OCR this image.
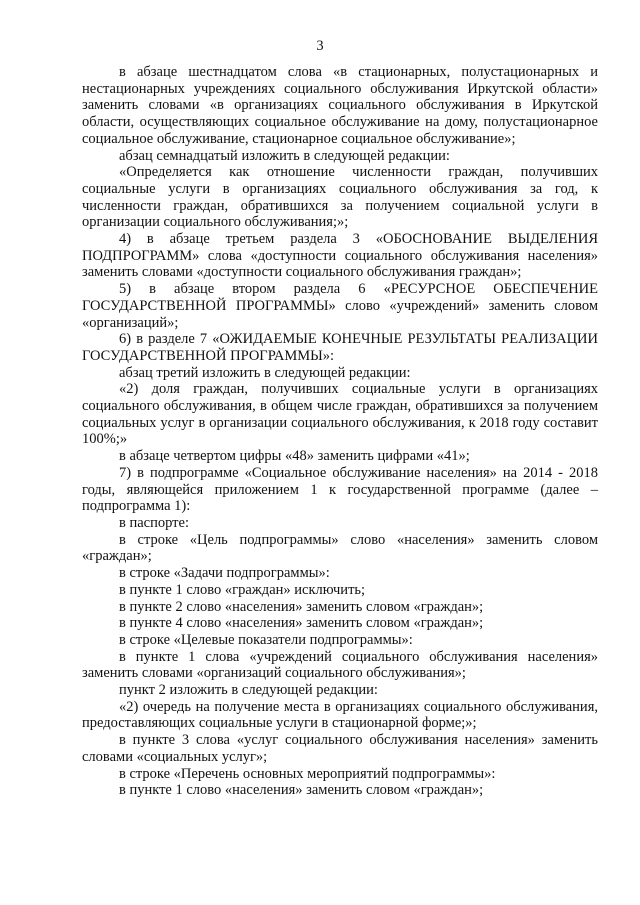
3

в абзаце шестнадцатом слова «в стационарных, полустационарных и нестационарных учреждениях социального обслуживания Иркутской области» заменить словами «в организациях социального обслуживания в Иркутской области, осуществляющих социальное обслуживание на дому, полустационарное социальное обслуживание, стационарное социальное обслуживание»;

абзац семнадцатый изложить в следующей редакции:

«Определяется как отношение численности граждан, получивших социальные услуги в организациях социального обслуживания за год, к численности граждан, обратившихся за получением социальной услуги в организации социального обслуживания;»;

4) в абзаце третьем раздела 3 «ОБОСНОВАНИЕ ВЫДЕЛЕНИЯ ПОДПРОГРАММ» слова «доступности социального обслуживания населения» заменить словами «доступности социального обслуживания граждан»;

5) в абзаце втором раздела 6 «РЕСУРСНОЕ ОБЕСПЕЧЕНИЕ ГОСУДАРСТВЕННОЙ ПРОГРАММЫ» слово «учреждений» заменить словом «организаций»;

6) в разделе 7 «ОЖИДАЕМЫЕ КОНЕЧНЫЕ РЕЗУЛЬТАТЫ РЕАЛИЗАЦИИ ГОСУДАРСТВЕННОЙ ПРОГРАММЫ»:

абзац третий изложить в следующей редакции:

«2) доля граждан, получивших социальные услуги в организациях социального обслуживания, в общем числе граждан, обратившихся за получением социальных услуг в организации социального обслуживания, к 2018 году составит 100%;»

в абзаце четвертом цифры «48» заменить цифрами «41»;

7) в подпрограмме «Социальное обслуживание населения» на 2014 - 2018 годы, являющейся приложением 1 к государственной программе (далее – подпрограмма 1):

в паспорте:

в строке «Цель подпрограммы» слово «населения» заменить словом «граждан»;

в строке «Задачи подпрограммы»:

в пункте 1 слово «граждан» исключить;

в пункте 2 слово «населения» заменить словом «граждан»;

в пункте 4 слово «населения» заменить словом «граждан»;

в строке «Целевые показатели подпрограммы»:

в пункте 1 слова «учреждений социального обслуживания населения» заменить словами «организаций социального обслуживания»;

пункт 2 изложить в следующей редакции:

«2) очередь на получение места в организациях социального обслуживания, предоставляющих социальные услуги в стационарной форме;»;

в пункте 3 слова «услуг социального обслуживания населения» заменить словами «социальных услуг»;

в строке «Перечень основных мероприятий подпрограммы»:

в пункте 1 слово «населения» заменить словом «граждан»;
